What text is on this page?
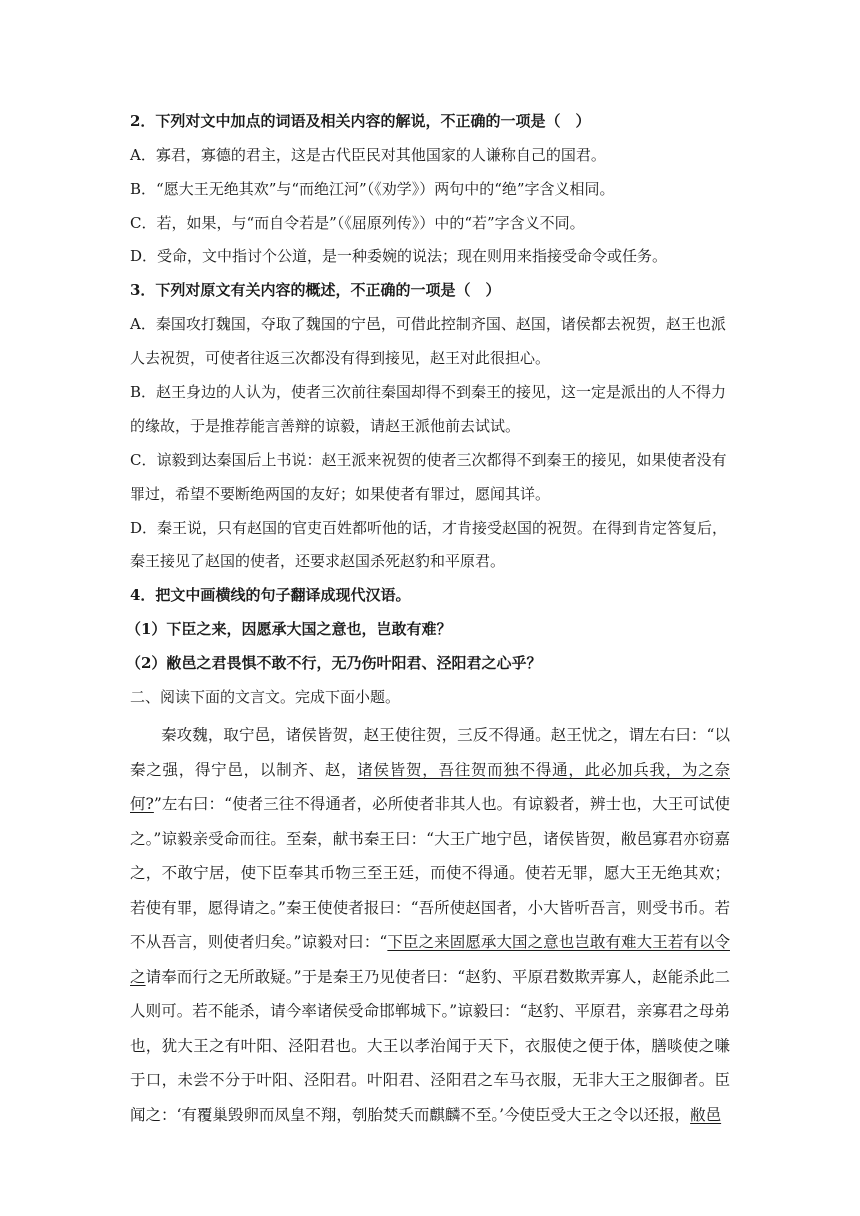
2．下列对文中加点的词语及相关内容的解说，不正确的一项是（　）
A．寡君，寡德的君主，这是古代臣民对其他国家的人谦称自己的国君。
B．“愿大王无绝其欢”与“而绝江河”（《劝学》）两句中的“绝”字含义相同。
C．若，如果，与“而自令若是”（《屈原列传》）中的“若”字含义不同。
D．受命，文中指讨个公道，是一种委婉的说法；现在则用来指接受命令或任务。
3．下列对原文有关内容的概述，不正确的一项是（　）
A．秦国攻打魏国，夺取了魏国的宁邑，可借此控制齐国、赵国，诸侯都去祝贺，赵王也派
人去祝贺，可使者往返三次都没有得到接见，赵王对此很担心。
B．赵王身边的人认为，使者三次前往秦国却得不到秦王的接见，这一定是派出的人不得力
的缘故，于是推荐能言善辩的谅毅，请赵王派他前去试试。
C．谅毅到达秦国后上书说：赵王派来祝贺的使者三次都得不到秦王的接见，如果使者没有
罪过，希望不要断绝两国的友好；如果使者有罪过，愿闻其详。
D．秦王说，只有赵国的官吏百姓都听他的话，才肯接受赵国的祝贺。在得到肯定答复后，
秦王接见了赵国的使者，还要求赵国杀死赵豹和平原君。
4．把文中画横线的句子翻译成现代汉语。
（1）下臣之来，因愿承大国之意也，岂敢有难？
（2）敝邑之君畏惧不敢不行，无乃伤叶阳君、泾阳君之心乎？
二、阅读下面的文言文。完成下面小题。
秦攻魏，取宁邑，诸侯皆贺，赵王使往贺，三反不得通。赵王忧之，谓左右曰：“以秦之强，得宁邑，以制齐、赵，诸侯皆贺，吾往贺而独不得通，此必加兵我，为之奈何?”左右曰：“使者三往不得通者，必所使者非其人也。有谅毅者，辨士也，大王可试使之。”谅毅亲受命而往。至秦，献书秦王曰：“大王广地宁邑，诸侯皆贺，敝邑寡君亦窃嘉之，不敢宁居，使下臣奉其币物三至王廷，而使不得通。使若无罪，愿大王无绝其欢；若使有罪，愿得请之。”秦王使使者报曰：“吾所使赵国者，小大皆听吾言，则受书币。若不从吾言，则使者归矣。”谅毅对曰：“下臣之来固愿承大国之意也岂敢有难大王若有以令之请奉而行之无所敢疑。”于是秦王乃见使者曰：“赵豹、平原君数欺弄寡人，赵能杀此二人则可。若不能杀，请今率诸侯受命邯郸城下。”谅毅曰：“赵豹、平原君，亲寡君之母弟也，犹大王之有叶阳、泾阳君也。大王以孝治闻于天下，衣服使之便于体，膳啖使之嗛于口，未尝不分于叶阳、泾阳君。叶阳君、泾阳君之车马衣服，无非大王之服御者。臣闻之：‘有覆巢毁卵而凤皇不翔，刳胎焚夭而麒麟不至。’今使臣受大王之令以还报，敝邑
